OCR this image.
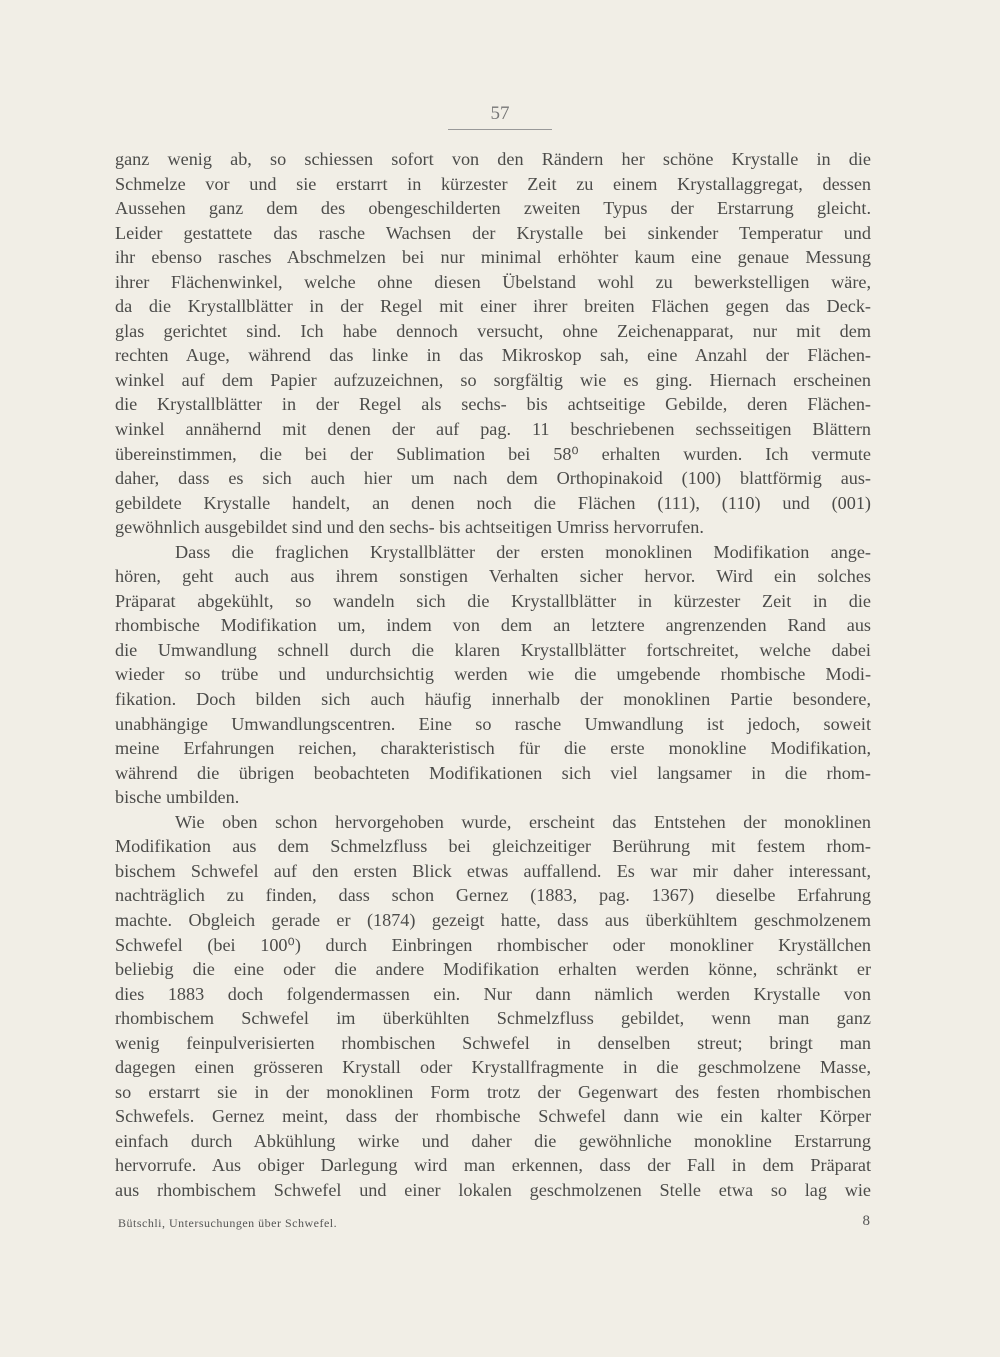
57
ganz wenig ab, so schiessen sofort von den Rändern her schöne Krystalle in die
Schmelze vor und sie erstarrt in kürzester Zeit zu einem Krystallaggregat, dessen
Aussehen ganz dem des obengeschilderten zweiten Typus der Erstarrung gleicht.
Leider gestattete das rasche Wachsen der Krystalle bei sinkender Temperatur und
ihr ebenso rasches Abschmelzen bei nur minimal erhöhter kaum eine genaue Messung
ihrer Flächenwinkel, welche ohne diesen Übelstand wohl zu bewerkstelligen wäre,
da die Krystallblätter in der Regel mit einer ihrer breiten Flächen gegen das Deck-
glas gerichtet sind. Ich habe dennoch versucht, ohne Zeichenapparat, nur mit dem
rechten Auge, während das linke in das Mikroskop sah, eine Anzahl der Flächen-
winkel auf dem Papier aufzuzeichnen, so sorgfältig wie es ging. Hiernach erscheinen
die Krystallblätter in der Regel als sechs- bis achtseitige Gebilde, deren Flächen-
winkel annähernd mit denen der auf pag. 11 beschriebenen sechsseitigen Blättern
übereinstimmen, die bei der Sublimation bei 58⁰ erhalten wurden. Ich vermute
daher, dass es sich auch hier um nach dem Orthopinakoid (100) blattförmig aus-
gebildete Krystalle handelt, an denen noch die Flächen (111), (110) und (001)
gewöhnlich ausgebildet sind und den sechs- bis achtseitigen Umriss hervorrufen.
Dass die fraglichen Krystallblätter der ersten monoklinen Modifikation ange-
hören, geht auch aus ihrem sonstigen Verhalten sicher hervor. Wird ein solches
Präparat abgekühlt, so wandeln sich die Krystallblätter in kürzester Zeit in die
rhombische Modifikation um, indem von dem an letztere angrenzenden Rand aus
die Umwandlung schnell durch die klaren Krystallblätter fortschreitet, welche dabei
wieder so trübe und undurchsichtig werden wie die umgebende rhombische Modi-
fikation. Doch bilden sich auch häufig innerhalb der monoklinen Partie besondere,
unabhängige Umwandlungscentren. Eine so rasche Umwandlung ist jedoch, soweit
meine Erfahrungen reichen, charakteristisch für die erste monokline Modifikation,
während die übrigen beobachteten Modifikationen sich viel langsamer in die rhom-
bische umbilden.
Wie oben schon hervorgehoben wurde, erscheint das Entstehen der monoklinen
Modifikation aus dem Schmelzfluss bei gleichzeitiger Berührung mit festem rhom-
bischem Schwefel auf den ersten Blick etwas auffallend. Es war mir daher interessant,
nachträglich zu finden, dass schon Gernez (1883, pag. 1367) dieselbe Erfahrung
machte. Obgleich gerade er (1874) gezeigt hatte, dass aus überkühltem geschmolzenem
Schwefel (bei 100⁰) durch Einbringen rhombischer oder monokliner Kryställchen
beliebig die eine oder die andere Modifikation erhalten werden könne, schränkt er
dies 1883 doch folgendermassen ein. Nur dann nämlich werden Krystalle von
rhombischem Schwefel im überkühlten Schmelzfluss gebildet, wenn man ganz
wenig feinpulverisierten rhombischen Schwefel in denselben streut; bringt man
dagegen einen grösseren Krystall oder Krystallfragmente in die geschmolzene Masse,
so erstarrt sie in der monoklinen Form trotz der Gegenwart des festen rhombischen
Schwefels. Gernez meint, dass der rhombische Schwefel dann wie ein kalter Körper
einfach durch Abkühlung wirke und daher die gewöhnliche monokline Erstarrung
hervorrufe. Aus obiger Darlegung wird man erkennen, dass der Fall in dem Präparat
aus rhombischem Schwefel und einer lokalen geschmolzenen Stelle etwa so lag wie
Bütschli, Untersuchungen über Schwefel.	8
